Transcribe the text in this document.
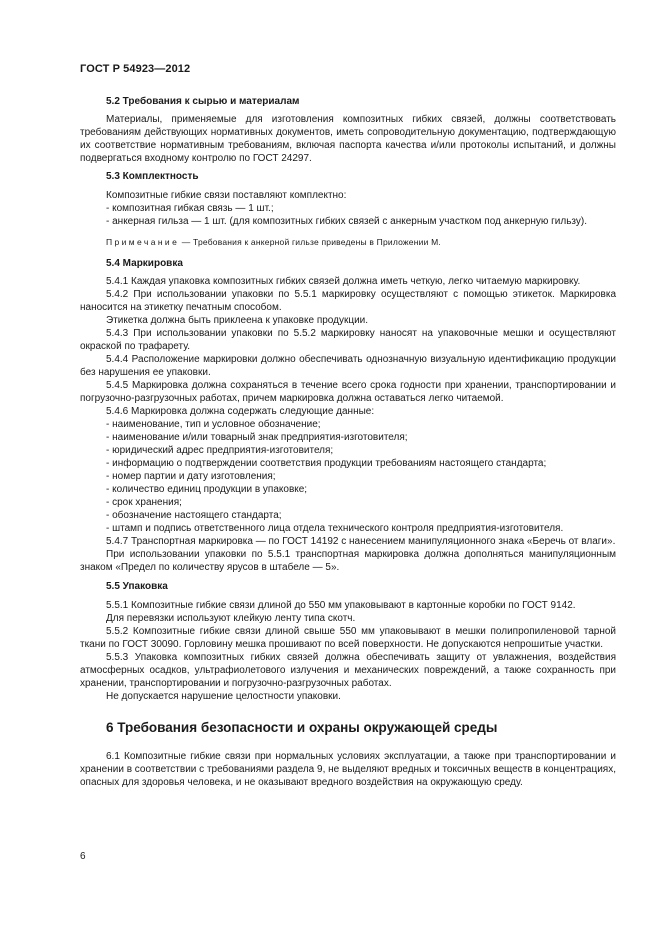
ГОСТ Р 54923—2012

5.2 Требования к сырью и материалам

Материалы, применяемые для изготовления композитных гибких связей, должны соответствовать требованиям действующих нормативных документов, иметь сопроводительную документацию, подтверждающую их соответствие нормативным требованиям, включая паспорта качества и/или протоколы испытаний, и должны подвергаться входному контролю по ГОСТ 24297.

5.3 Комплектность

Композитные гибкие связи поставляют комплектно:

- композитная гибкая связь — 1 шт.;

- анкерная гильза — 1 шт. (для композитных гибких связей с анкерным участком под анкерную гильзу).

Примечание — Требования к анкерной гильзе приведены в Приложении М.

5.4 Маркировка

5.4.1 Каждая упаковка композитных гибких связей должна иметь четкую, легко читаемую маркировку.

5.4.2 При использовании упаковки по 5.5.1 маркировку осуществляют с помощью этикеток. Маркировка наносится на этикетку печатным способом.

Этикетка должна быть приклеена к упаковке продукции.

5.4.3 При использовании упаковки по 5.5.2 маркировку наносят на упаковочные мешки и осуществляют окраской по трафарету.

5.4.4 Расположение маркировки должно обеспечивать однозначную визуальную идентификацию продукции без нарушения ее упаковки.

5.4.5 Маркировка должна сохраняться в течение всего срока годности при хранении, транспортировании и погрузочно-разгрузочных работах, причем маркировка должна оставаться легко читаемой.

5.4.6 Маркировка должна содержать следующие данные:

- наименование, тип и условное обозначение;

- наименование и/или товарный знак предприятия-изготовителя;

- юридический адрес предприятия-изготовителя;

- информацию о подтверждении соответствия продукции требованиям настоящего стандарта;

- номер партии и дату изготовления;

- количество единиц продукции в упаковке;

- срок хранения;

- обозначение настоящего стандарта;

- штамп и подпись ответственного лица отдела технического контроля предприятия-изготовителя.

5.4.7 Транспортная маркировка — по ГОСТ 14192 с нанесением манипуляционного знака «Беречь от влаги».

При использовании упаковки по 5.5.1 транспортная маркировка должна дополняться манипуляционным знаком «Предел по количеству ярусов в штабеле — 5».

5.5 Упаковка

5.5.1 Композитные гибкие связи длиной до 550 мм упаковывают в картонные коробки по ГОСТ 9142.

Для перевязки используют клейкую ленту типа скотч.

5.5.2 Композитные гибкие связи длиной свыше 550 мм упаковывают в мешки полипропиленовой тарной ткани по ГОСТ 30090. Горловину мешка прошивают по всей поверхности. Не допускаются непрошитые участки.

5.5.3 Упаковка композитных гибких связей должна обеспечивать защиту от увлажнения, воздействия атмосферных осадков, ультрафиолетового излучения и механических повреждений, а также сохранность при хранении, транспортировании и погрузочно-разгрузочных работах.

Не допускается нарушение целостности упаковки.

6 Требования безопасности и охраны окружающей среды

6.1 Композитные гибкие связи при нормальных условиях эксплуатации, а также при транспортировании и хранении в соответствии с требованиями раздела 9, не выделяют вредных и токсичных веществ в концентрациях, опасных для здоровья человека, и не оказывают вредного воздействия на окружающую среду.

6
